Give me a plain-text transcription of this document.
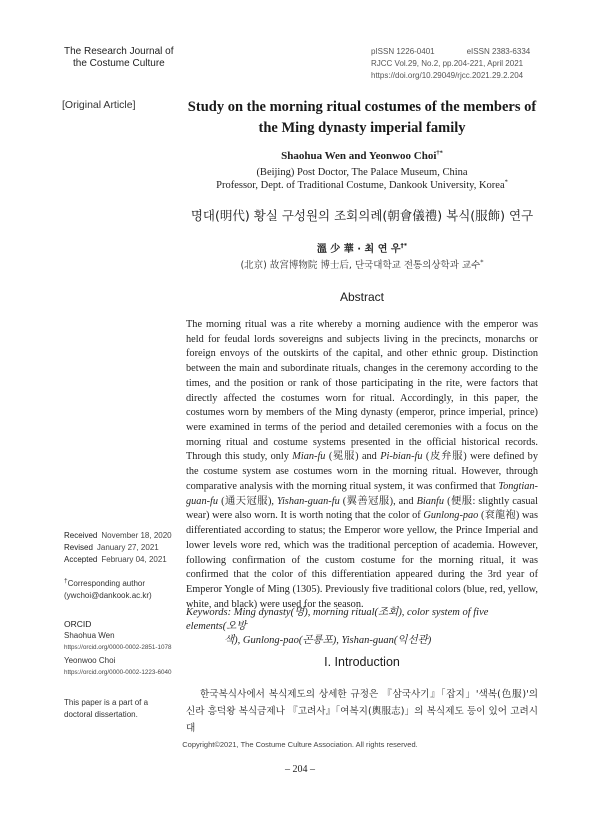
The Research Journal of
the Costume Culture
pISSN 1226-0401	eISSN 2383-6334
RJCC Vol.29, No.2, pp.204-221, April 2021
https://doi.org/10.29049/rjcc.2021.29.2.204
[Original Article]	Study on the morning ritual costumes of the members of the Ming dynasty imperial family
Shaohua Wen and Yeonwoo Choi†*
(Beijing) Post Doctor, The Palace Museum, China
Professor, Dept. of Traditional Costume, Dankook University, Korea*
명대(明代) 황실 구성원의 조회의례(朝會儀禮) 복식(服飾) 연구
溫 少 華 · 최 연 우†*
(北京) 故宮博物院 博士后, 단국대학교 전통의상학과 교수*
Abstract
The morning ritual was a rite whereby a morning audience with the emperor was held for feudal lords sovereigns and subjects living in the precincts, monarchs or foreign envoys of the outskirts of the capital, and other ethnic group. Distinction between the main and subordinate rituals, changes in the ceremony according to the times, and the position or rank of those participating in the rite, were factors that directly affected the costumes worn for ritual. Accordingly, in this paper, the costumes worn by members of the Ming dynasty (emperor, prince imperial, prince) were examined in terms of the period and detailed ceremonies with a focus on the morning ritual and costume systems presented in the official historical records. Through this study, only Mian-fu (冕服) and Pi-bian-fu (皮弁服) were defined by the costume system ase costumes worn in the morning ritual. However, through comparative analysis with the morning ritual system, it was confirmed that Tongtian-guan-fu (通天冠服), Yishan-guan-fu (翼善冠服), and Bianfu (便服: slightly casual wear) were also worn. It is worth noting that the color of Gunlong-pao (袞龍袍) was differentiated according to status; the Emperor wore yellow, the Prince Imperial and lower levels wore red, which was the traditional perception of academia. However, following confirmation of the custom costume for the morning ritual, it was confirmed that the color of this differentiation appeared during the 3rd year of Emperor Yongle of Ming (1305). Previously five traditional colors (blue, red, yellow, white, and black) were used for the season.
Keywords: Ming dynasty(명), morning ritual(조회), color system of five elements(오방
색), Gunlong-pao(곤룡포), Yishan-guan(익선관)
Received November 18, 2020
Revised January 27, 2021
Accepted February 04, 2021
†Corresponding author
(ywchoi@dankook.ac.kr)
ORCID
Shaohua Wen
https://orcid.org/0000-0002-2851-1078
Yeonwoo Choi
https://orcid.org/0000-0002-1223-6040
This paper is a part of a
doctoral dissertation.
I. Introduction
한국복식사에서 복식제도의 상세한 규정은 『삼국사기』「잡지」'색복(色服)'의 신라 흥덕왕 복식금제나 『고려사』「여복지(輿服志)」의 복식제도 등이 있어 고려시대
Copyright©2021, The Costume Culture Association. All rights reserved.
– 204 –
